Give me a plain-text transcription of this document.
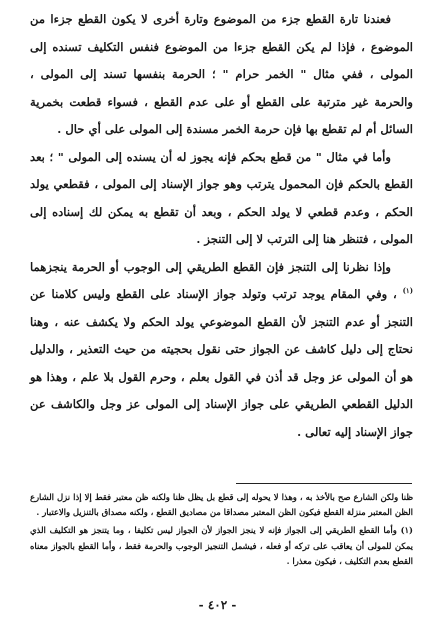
فعندنا تارة القطع جزء من الموضوع وتارة أخرى لا يكون القطع جزءا من الموضوع ، فإذا لم يكن القطع جزءا من الموضوع فنفس التكليف تسنده إلى المولى ، ففي مثال " الخمر حرام " ؛ الحرمة بنفسها تسند إلى المولى ، والحرمة غير مترتبة على القطع أو على عدم القطع ، فسواء قطعت بخمرية السائل أم لم تقطع بها فإن حرمة الخمر مسندة إلى المولى على أي حال .

وأما في مثال " من قطع بحكم فإنه يجوز له أن يسنده إلى المولى " ؛ بعد القطع بالحكم فإن المحمول يترتب وهو جواز الإسناد إلى المولى ، فقطعي يولد الحكم ، وعدم قطعي لا يولد الحكم ، وبعد أن تقطع به يمكن لك إسناده إلى المولى ، فتنظر هنا إلى الترتب لا إلى التنجز .

وإذا نظرنا إلى التنجز فإن القطع الطريقي إلى الوجوب أو الحرمة ينجزهما $^{(١)}$ ، وفي المقام يوجد ترتب وتولد جواز الإسناد على القطع وليس كلامنا عن التنجز أو عدم التنجز لأن القطع الموضوعي يولد الحكم ولا يكشف عنه ، وهنا نحتاج إلى دليل كاشف عن الجواز حتى نقول بحجيته من حيث التعذير ، والدليل هو أن المولى عز وجل قد أذن في القول بعلم ، وحرم القول بلا علم ، وهذا هو الدليل القطعي الطريقي على جواز الإسناد إلى المولى عز وجل والكاشف عن جواز الإسناد إليه تعالى .

ظنا ولكن الشارع صح بالأخذ به ، وهذا لا يحوله إلى قطع بل يظل ظنا ولكنه ظن معتبر فقط إلا إذا نزل الشارع الظن المعتبر منزلة القطع فيكون الظن المعتبر مصداقا من مصاديق القطع ، ولكنه مصداق بالتنزيل والاعتبار .

(١) وأما القطع الطريقي إلى الجواز فإنه لا ينجز الجواز لأن الجواز ليس تكليفا ، وما يتنجز هو التكليف الذي يمكن للمولى أن يعاقب على تركه أو فعله ، فيشمل التنجيز الوجوب والحرمة فقط ، وأما القطع بالجواز معناه القطع بعدم التكليف ، فيكون معذرا .

- ٤٠٢ -
